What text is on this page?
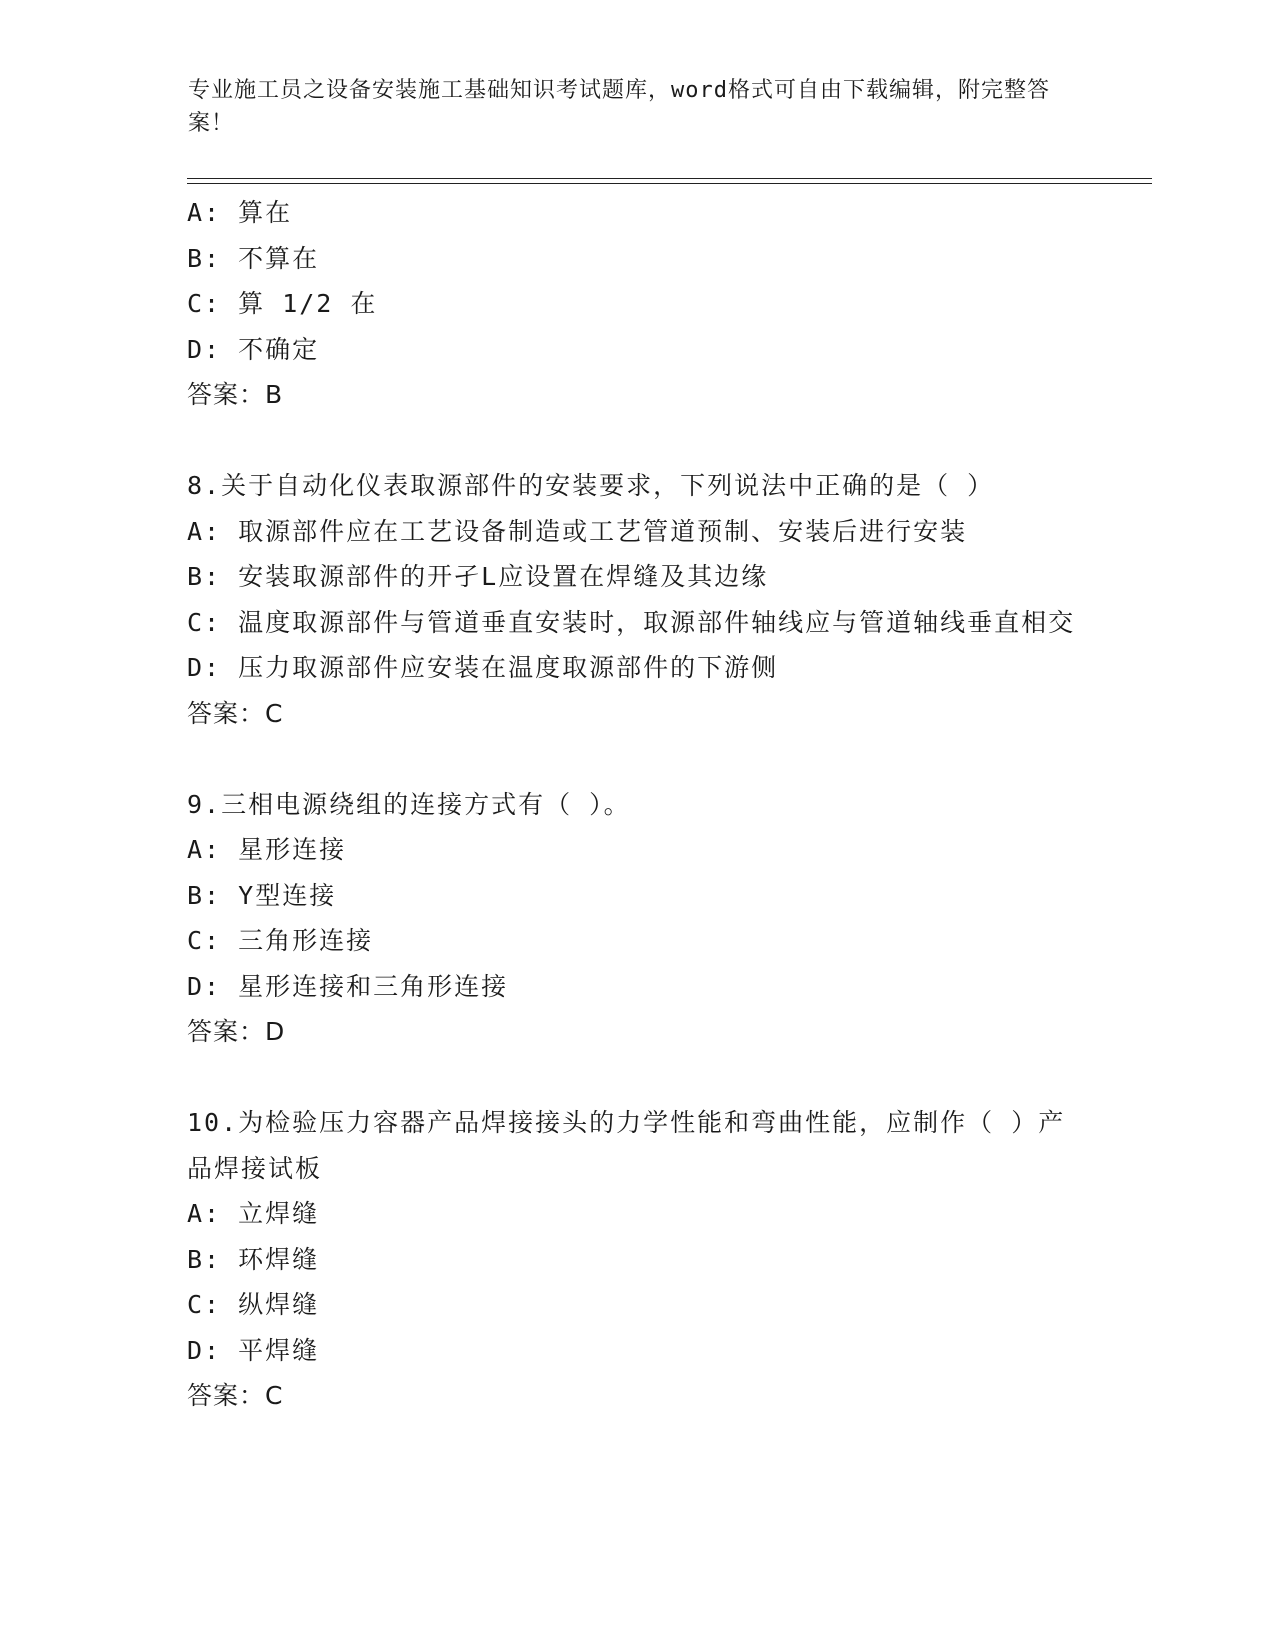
专业施工员之设备安装施工基础知识考试题库，word格式可自由下载编辑，附完整答案！
A: 算在
B: 不算在
C: 算 1/2 在
D: 不确定
答案：B
8.关于自动化仪表取源部件的安装要求，下列说法中正确的是（ ）
A: 取源部件应在工艺设备制造或工艺管道预制、安装后进行安装
B: 安装取源部件的开孑L应设置在焊缝及其边缘
C: 温度取源部件与管道垂直安装时，取源部件轴线应与管道轴线垂直相交
D: 压力取源部件应安装在温度取源部件的下游侧
答案：C
9.三相电源绕组的连接方式有（ ）。
A: 星形连接
B: Y型连接
C: 三角形连接
D: 星形连接和三角形连接
答案：D
10.为检验压力容器产品焊接接头的力学性能和弯曲性能，应制作（ ）产品焊接试板
A: 立焊缝
B: 环焊缝
C: 纵焊缝
D: 平焊缝
答案：C
